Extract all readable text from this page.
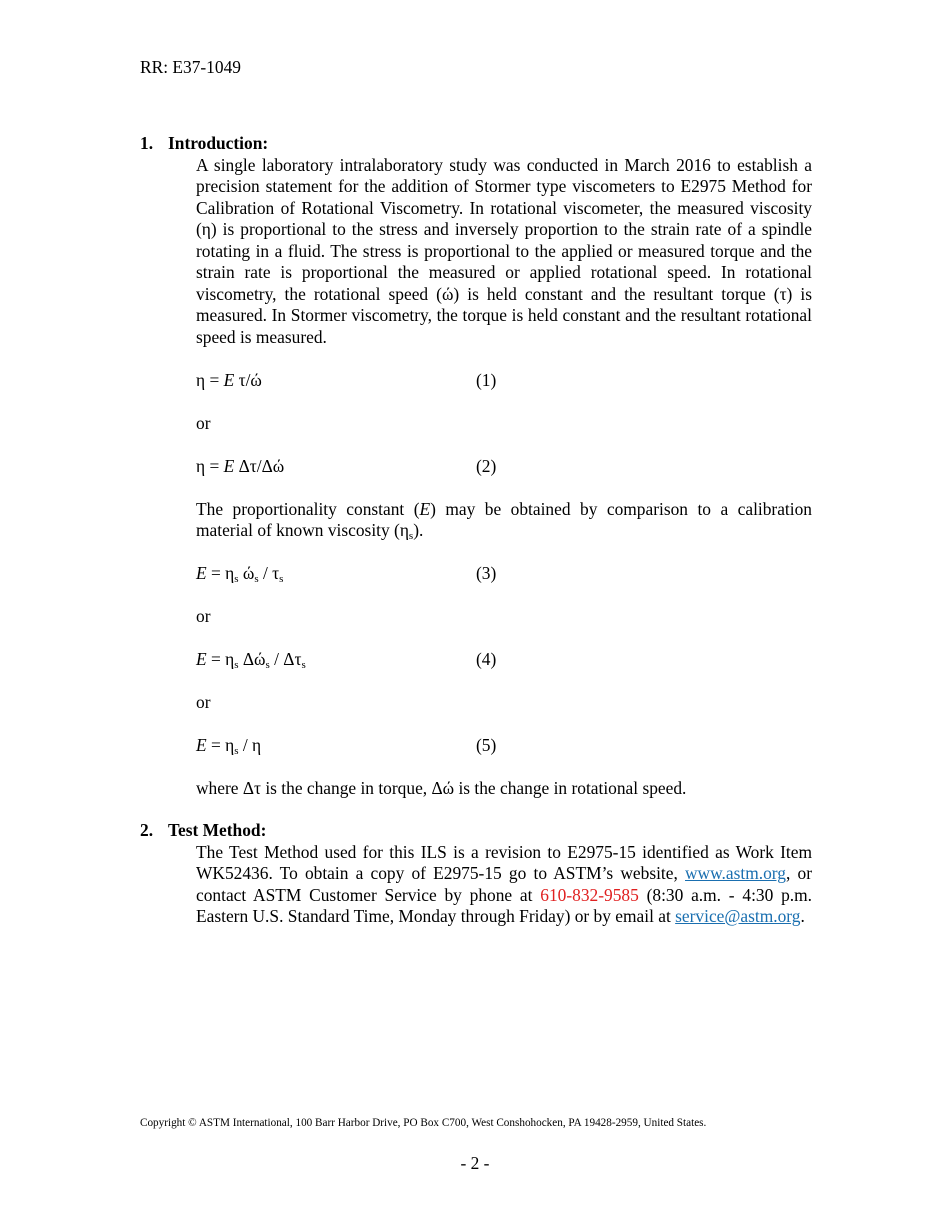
RR: E37-1049
1. Introduction:

A single laboratory intralaboratory study was conducted in March 2016 to establish a precision statement for the addition of Stormer type viscometers to E2975 Method for Calibration of Rotational Viscometry. In rotational viscometer, the measured viscosity (η) is proportional to the stress and inversely proportion to the strain rate of a spindle rotating in a fluid. The stress is proportional to the applied or measured torque and the strain rate is proportional the measured or applied rotational speed. In rotational viscometry, the rotational speed (ώ) is held constant and the resultant torque (τ) is measured. In Stormer viscometry, the torque is held constant and the resultant rotational speed is measured.

η = E τ/ώ	(1)
or
η = E Δτ/Δώ	(2)

The proportionality constant (E) may be obtained by comparison to a calibration material of known viscosity $(\eta_s)$.

$E = \eta_s$ $ώ_s / \tau_s$	(3)
or
$E = \eta_s$ $\Delta ώ_s / \Delta\tau_s$	(4)
or
$E = \eta_s / \eta$	(5)

where Δτ is the change in torque, Δώ is the change in rotational speed.

2. Test Method:

The Test Method used for this ILS is a revision to E2975-15 identified as Work Item WK52436. To obtain a copy of E2975-15 go to ASTM’s website, www.astm.org, or contact ASTM Customer Service by phone at 610-832-9585 (8:30 a.m. - 4:30 p.m. Eastern U.S. Standard Time, Monday through Friday) or by email at service@astm.org.

Copyright © ASTM International, 100 Barr Harbor Drive, PO Box C700, West Conshohocken, PA 19428-2959, United States.
- 2 -
